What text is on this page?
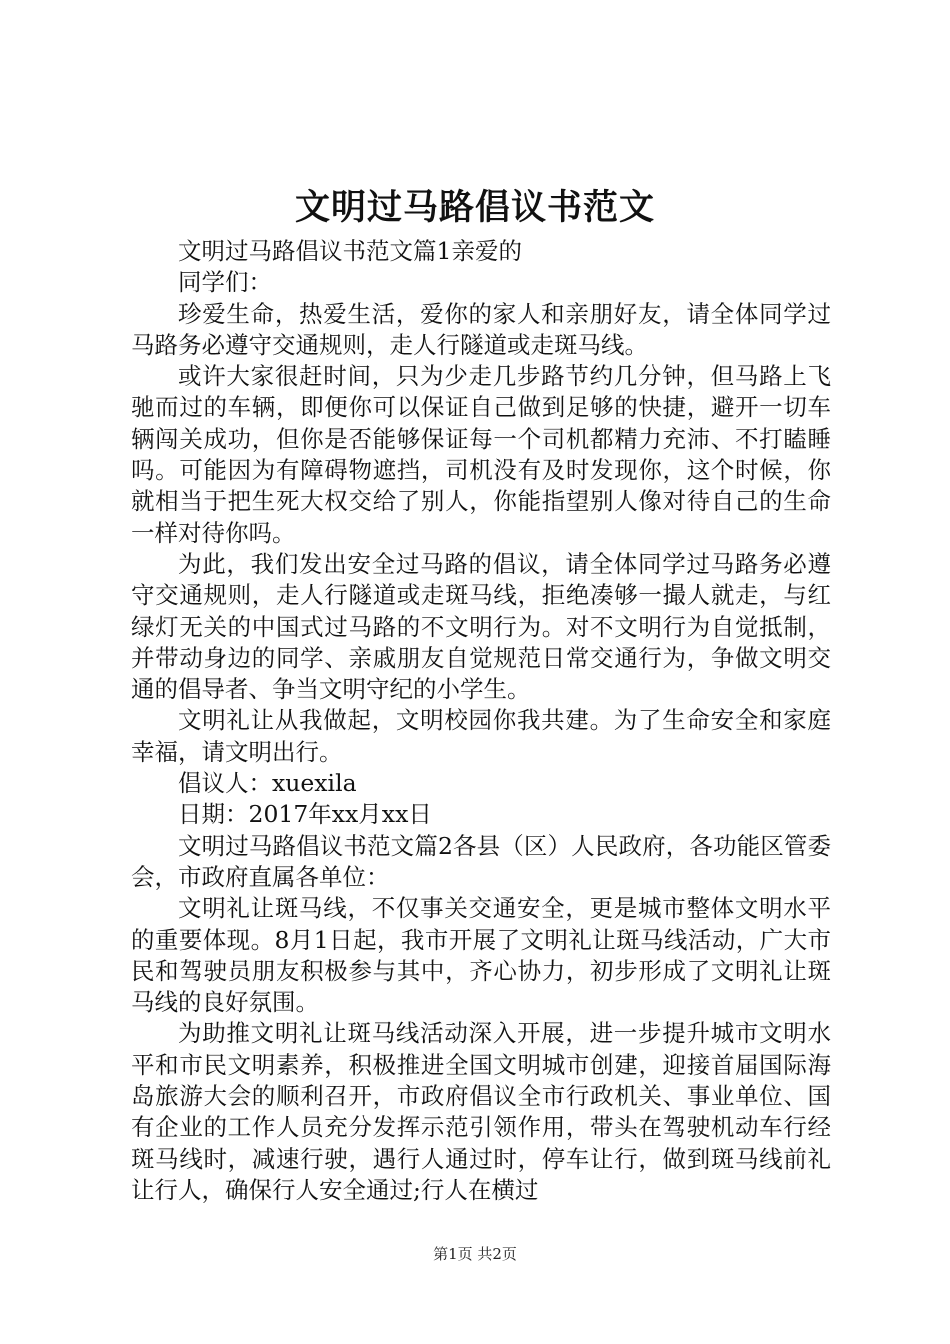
文明过马路倡议书范文

文明过马路倡议书范文篇1亲爱的

同学们：

珍爱生命，热爱生活，爱你的家人和亲朋好友，请全体同学过马路务必遵守交通规则，走人行隧道或走斑马线。

或许大家很赶时间，只为少走几步路节约几分钟，但马路上飞驰而过的车辆，即便你可以保证自己做到足够的快捷，避开一切车辆闯关成功，但你是否能够保证每一个司机都精力充沛、不打瞌睡吗。可能因为有障碍物遮挡，司机没有及时发现你，这个时候，你就相当于把生死大权交给了别人，你能指望别人像对待自己的生命一样对待你吗。

为此，我们发出安全过马路的倡议，请全体同学过马路务必遵守交通规则，走人行隧道或走斑马线，拒绝凑够一撮人就走，与红绿灯无关的中国式过马路的不文明行为。对不文明行为自觉抵制，并带动身边的同学、亲戚朋友自觉规范日常交通行为，争做文明交通的倡导者、争当文明守纪的小学生。

文明礼让从我做起，文明校园你我共建。为了生命安全和家庭幸福，请文明出行。

倡议人：xuexila

日期：2017年xx月xx日

文明过马路倡议书范文篇2各县（区）人民政府，各功能区管委会，市政府直属各单位：

文明礼让斑马线，不仅事关交通安全，更是城市整体文明水平的重要体现。8月1日起，我市开展了文明礼让斑马线活动，广大市民和驾驶员朋友积极参与其中，齐心协力，初步形成了文明礼让斑马线的良好氛围。

为助推文明礼让斑马线活动深入开展，进一步提升城市文明水平和市民文明素养，积极推进全国文明城市创建，迎接首届国际海岛旅游大会的顺利召开，市政府倡议全市行政机关、事业单位、国有企业的工作人员充分发挥示范引领作用，带头在驾驶机动车行经斑马线时，减速行驶，遇行人通过时，停车让行，做到斑马线前礼让行人，确保行人安全通过;行人在横过

第1页 共2页
